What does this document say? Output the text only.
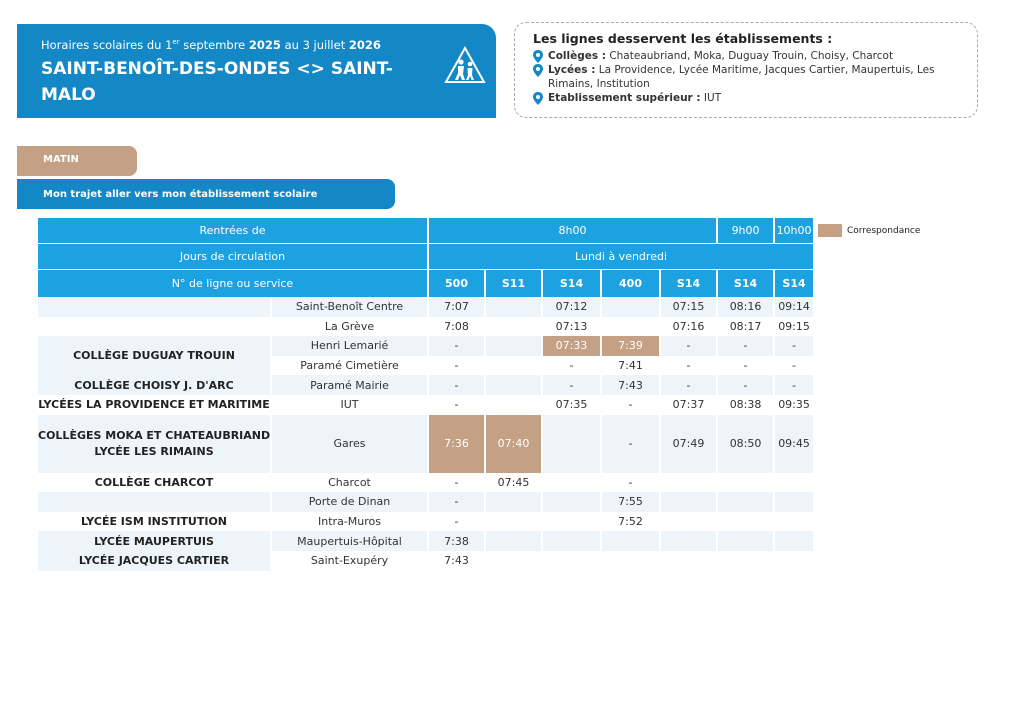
Horaires scolaires du 1er septembre 2025 au 3 juillet 2026
SAINT-BENOÎT-DES-ONDES <> SAINT-MALO
Les lignes desservent les établissements :
Collèges : Chateaubriand, Moka, Duguay Trouin, Choisy, Charcot
Lycées : La Providence, Lycée Maritime, Jacques Cartier, Maupertuis, Les Rimains, Institution
Etablissement supérieur : IUT
MATIN
Mon trajet aller vers mon établissement scolaire
Correspondance
Rentrées de		8h00					9h00	10h00
Jours de circulation		Lundi à vendredi						
N° de ligne ou service		500	S11	S14	400	S14	S14	S14
	Saint-Benoît Centre	7:07		07:12		07:15	08:16	09:14
	La Grève	7:08		07:13		07:16	08:17	09:15
COLLÈGE DUGUAY TROUIN	Henri Lemarié	-		07:33	7:39	-	-	-
	Paramé Cimetière	-		-	7:41	-	-	-
COLLÈGE CHOISY J. D'ARC	Paramé Mairie	-		-	7:43	-	-	-
LYCÉES LA PROVIDENCE ET MARITIME	IUT	-		07:35	-	07:37	08:38	09:35

COLLÈGES MOKA ET CHATEAUBRIAND
LYCÉE LES RIMAINS	Gares	7:36	07:40		-	07:49	08:50	09:45
COLLÈGE CHARCOT	Charcot	-	07:45		-			
	Porte de Dinan	-			7:55			
LYCÉE ISM INSTITUTION	Intra-Muros	-			7:52			
LYCÉE MAUPERTUIS	Maupertuis-Hôpital	7:38						
LYCÉE JACQUES CARTIER	Saint-Exupéry	7:43						
